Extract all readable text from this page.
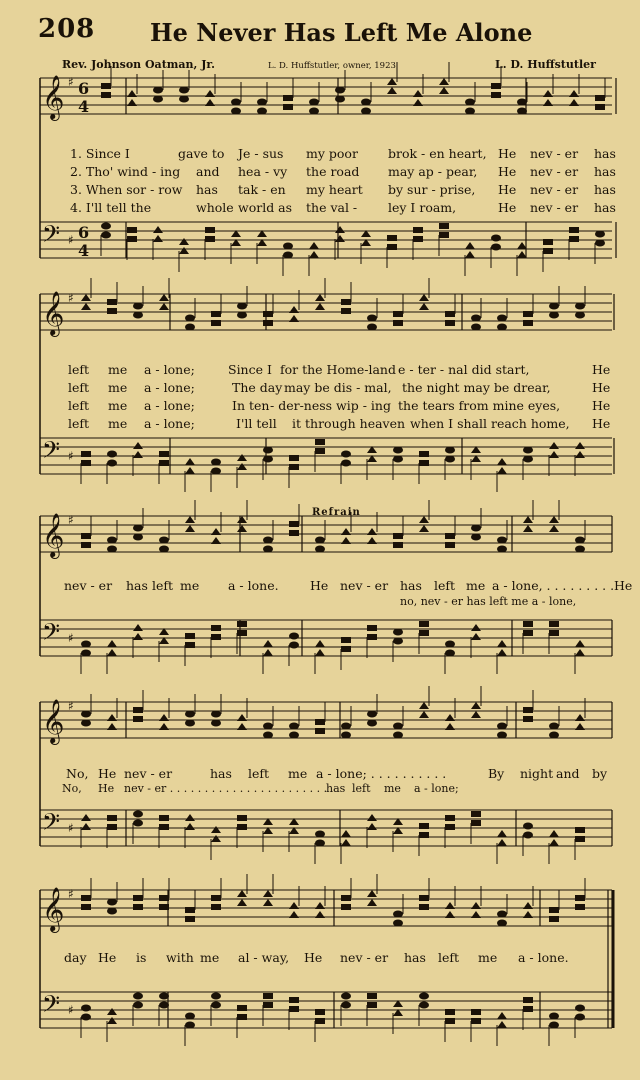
208 He Never Has Left Me Alone
Rev. Johnson Oatman, Jr.	L. D. Huffstutler, owner, 1923	L. D. Huffstutler
𝄞
𝄢
♯
♯
6
4
6
4
𝄞
𝄢
♯
♯
𝄞
𝄢
♯
♯
𝄞
𝄢
♯
♯
𝄞
𝄢
♯
♯
1. Since I	gave to Je - sus my poor brok - en heart, He nev - er has
2. Tho' wind - ing and hea - vy the road may ap - pear, He nev - er has
3. When sor - row has tak - en my heart by sur - prise, He nev - er has
4. I'll tell the	whole world as the val - ley I roam,	He nev - er has
left me a - lone;	Since I for the Home-land e - ter - nal did start,	He
left me a - lone;	The day may be dis - mal, the night may be drear,	He
left me a - lone;	In ten - der-ness wip - ing the tears from mine eyes,	He
left me a - lone;	I'll tell it through heaven when I shall reach home, He
Refrain
nev - er has left me a - lone.	He nev - er has left me a - lone, . . . . . . . . . He
no, nev - er has left me a - lone,
No, He nev - er	has left me a - lone; . . . . . . . . . .	By night and by
No, He nev - er . . . . . . . . . . . . . . . . . . . . . . .
has left me a - lone;
day He is with me al - way, He nev - er has left me a - lone.
